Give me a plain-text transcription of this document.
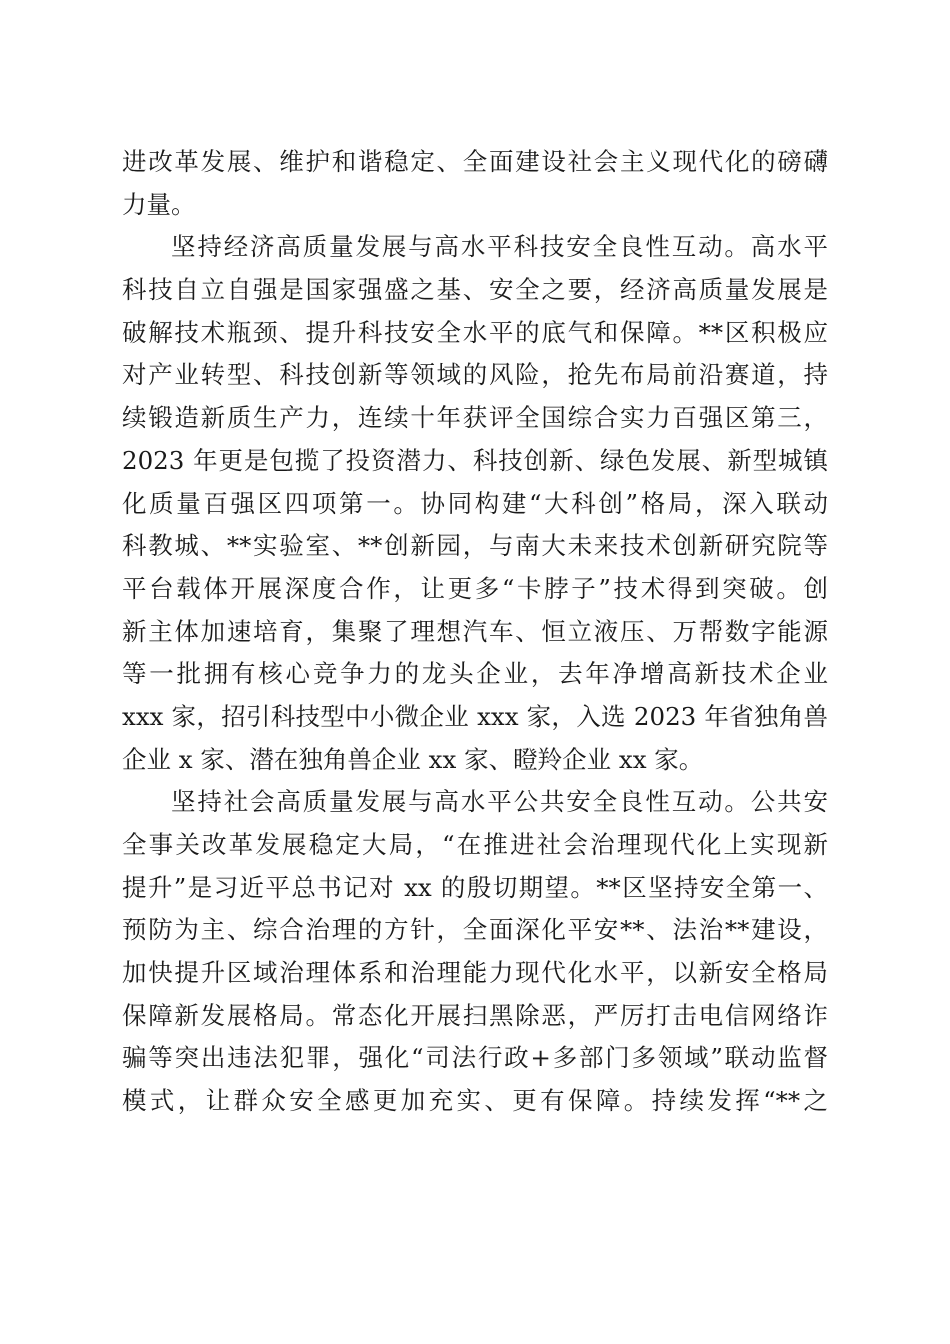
进改革发展、维护和谐稳定、全面建设社会主义现代化的磅礴
力量。
坚持经济高质量发展与高水平科技安全良性互动。高水平
科技自立自强是国家强盛之基、安全之要，经济高质量发展是
破解技术瓶颈、提升科技安全水平的底气和保障。**区积极应
对产业转型、科技创新等领域的风险，抢先布局前沿赛道，持
续锻造新质生产力，连续十年获评全国综合实力百强区第三，
2023 年更是包揽了投资潜力、科技创新、绿色发展、新型城镇
化质量百强区四项第一。协同构建“大科创”格局，深入联动
科教城、**实验室、**创新园，与南大未来技术创新研究院等
平台载体开展深度合作，让更多“卡脖子”技术得到突破。创
新主体加速培育，集聚了理想汽车、恒立液压、万帮数字能源
等一批拥有核心竞争力的龙头企业，去年净增高新技术企业
xxx 家，招引科技型中小微企业 xxx 家，入选 2023 年省独角兽
企业 x 家、潜在独角兽企业 xx 家、瞪羚企业 xx 家。
坚持社会高质量发展与高水平公共安全良性互动。公共安
全事关改革发展稳定大局，“在推进社会治理现代化上实现新
提升”是习近平总书记对 xx 的殷切期望。**区坚持安全第一、
预防为主、综合治理的方针，全面深化平安**、法治**建设，
加快提升区域治理体系和治理能力现代化水平，以新安全格局
保障新发展格局。常态化开展扫黑除恶，严厉打击电信网络诈
骗等突出违法犯罪，强化“司法行政+多部门多领域”联动监督
模式，让群众安全感更加充实、更有保障。持续发挥“**之
